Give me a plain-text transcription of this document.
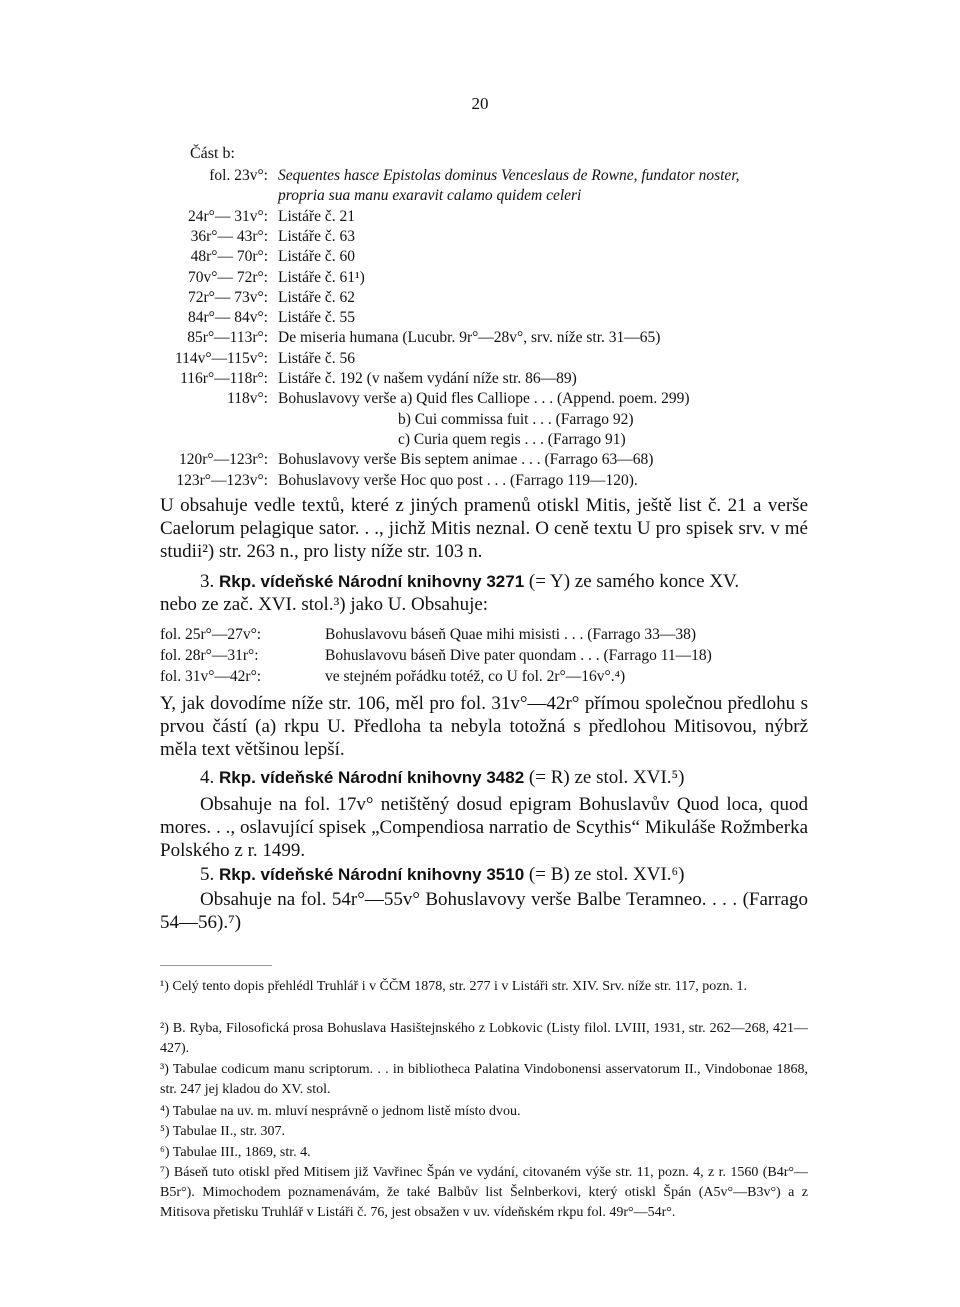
20
Část b:
fol. 23v°: Sequentes hasce Epistolas dominus Venceslaus de Rowne, fundator noster,
propria sua manu exaravit calamo quidem celeri
24r°— 31v°: Listáře č. 21
36r°— 43r°: Listáře č. 63
48r°— 70r°: Listáře č. 60
70v°— 72r°: Listáře č. 61¹)
72r°— 73v°: Listáře č. 62
84r°— 84v°: Listáře č. 55
85r°—113r°: De miseria humana (Lucubr. 9r°—28v°, srv. níže str. 31—65)
114v°—115v°: Listáře č. 56
116r°—118r°: Listáře č. 192 (v našem vydání níže str. 86—89)
118v°: Bohuslavovy verše a) Quid fles Calliope . . . (Append. poem. 299)
b) Cui commissa fuit . . . (Farrago 92)
c) Curia quem regis . . . (Farrago 91)
120r°—123r°: Bohuslavovy verše Bis septem animae . . . (Farrago 63—68)
123r°—123v°: Bohuslavovy verše Hoc quo post . . . (Farrago 119—120).
U obsahuje vedle textů, které z jiných pramenů otiskl Mitis, ještě list č. 21 a verše Caelorum pelagique sator. . ., jichž Mitis neznal. O ceně textu U pro spisek srv. v mé studii²) str. 263 n., pro listy níže str. 103 n.
3. Rkp. vídeňské Národní knihovny 3271 (= Y) ze samého konce XV.
nebo ze zač. XVI. stol.³) jako U. Obsahuje:
fol. 25r°—27v°:	Bohuslavovu báseň Quae mihi misisti . . . (Farrago 33—38)
fol. 28r°—31r°:	Bohuslavovu báseň Dive pater quondam . . . (Farrago 11—18)
fol. 31v°—42r°:	ve stejném pořádku totéž, co U fol. 2r°—16v°.⁴)
Y, jak dovodíme níže str. 106, měl pro fol. 31v°—42r° přímou společnou předlohu s prvou částí (a) rkpu U. Předloha ta nebyla totožná s předlohou Mitisovou, nýbrž měla text většinou lepší.
4. Rkp. vídeňské Národní knihovny 3482 (= R) ze stol. XVI.⁵)
Obsahuje na fol. 17v° netištěný dosud epigram Bohuslavův Quod loca, quod mores. . ., oslavující spisek „Compendiosa narratio de Scythis“ Mikuláše Rožmberka Polského z r. 1499.
5. Rkp. vídeňské Národní knihovny 3510 (= B) ze stol. XVI.⁶)
Obsahuje na fol. 54r°—55v° Bohuslavovy verše Balbe Teramneo. . . . (Farrago 54—56).⁷)
¹) Celý tento dopis přehlédl Truhlář i v ČČM 1878, str. 277 i v Listáři str. XIV. Srv. níže str. 117, pozn. 1.
²) B. Ryba, Filosofická prosa Bohuslava Hasištejnského z Lobkovic (Listy filol. LVIII, 1931, str. 262—268, 421—427).
³) Tabulae codicum manu scriptorum. . . in bibliotheca Palatina Vindobonensi asservatorum II., Vindobonae 1868, str. 247 jej kladou do XV. stol.
⁴) Tabulae na uv. m. mluví nesprávně o jednom listě místo dvou.
⁵) Tabulae II., str. 307.
⁶) Tabulae III., 1869, str. 4.
⁷) Báseň tuto otiskl před Mitisem již Vavřinec Špán ve vydání, citovaném výše str. 11, pozn. 4, z r. 1560 (B4r°—B5r°). Mimochodem poznamenávám, že také Balbův list Šelnberkovi, který otiskl Špán (A5v°—B3v°) a z Mitisova přetisku Truhlář v Listáři č. 76, jest obsažen v uv. vídeňském rkpu fol. 49r°—54r°.
